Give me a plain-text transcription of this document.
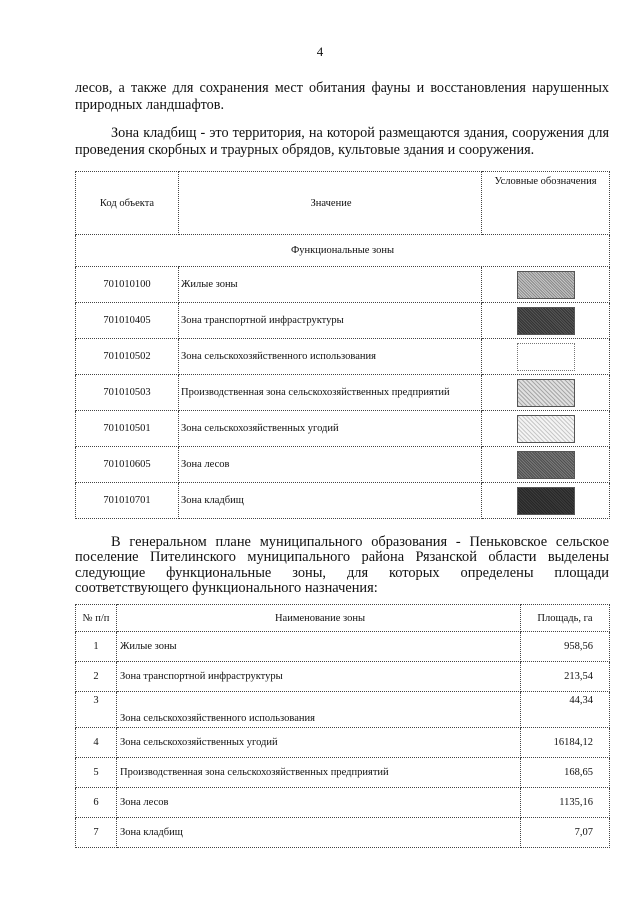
4
лесов, а также для сохранения мест обитания фауны и восстановления нарушенных природных ландшафтов.
Зона кладбищ - это территория, на которой размещаются здания, сооружения для проведения скорбных и траурных обрядов, культовые здания и сооружения.
Код объекта	Значение	Условные обозначения
Функциональные зоны		
701010100	Жилые зоны	
701010405	Зона транспортной инфраструктуры	
701010502	Зона сельскохозяйственного использования	
701010503	Производственная зона сельскохозяйственных предприятий	
701010501	Зона сельскохозяйственных угодий	
701010605	Зона лесов	
701010701	Зона кладбищ	
В генеральном плане муниципального образования - Пеньковское сельское поселение Пителинского муниципального района Рязанской области выделены следующие функциональные зоны, для которых определены площади соответствующего функционального назначения:
№ п/п	Наименование зоны	Площадь, га
1	Жилые зоны	958,56
2	Зона транспортной инфраструктуры	213,54
3	Зона сельскохозяйственного использования	44,34
4	Зона сельскохозяйственных угодий	16184,12
5	Производственная зона сельскохозяйственных предприятий	168,65
6	Зона лесов	1135,16
7	Зона кладбищ	7,07
